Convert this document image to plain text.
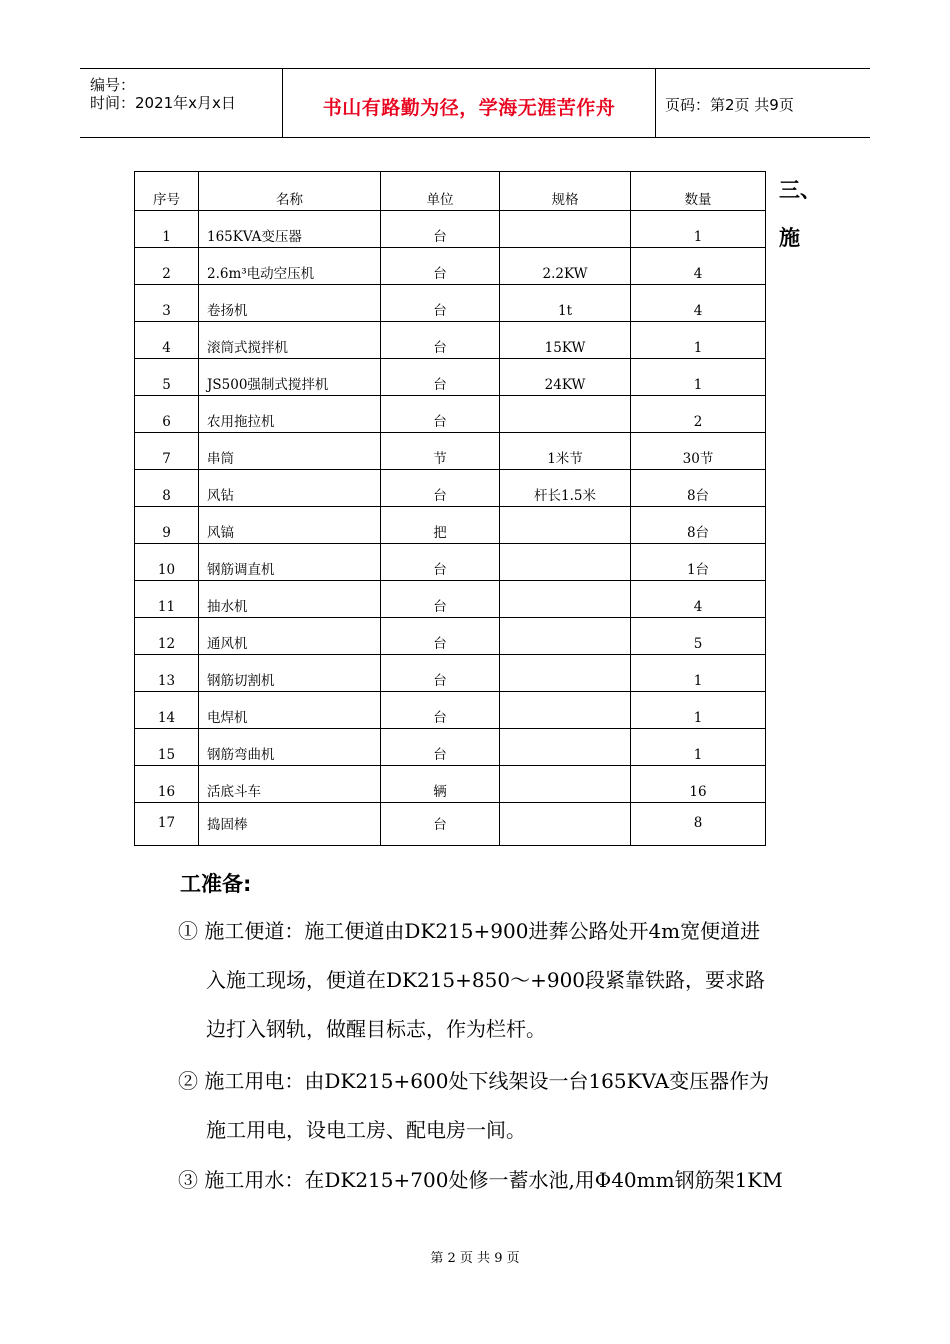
编号：
时间：2021年x月x日	书山有路勤为径，学海无涯苦作舟	页码：第2页 共9页
序号	名称	单位	规格	数量
1	165KVA变压器	台		1
2	2.6m³电动空压机	台	2.2KW	4
3	卷扬机	台	1t	4
4	滚筒式搅拌机	台	15KW	1
5	JS500强制式搅拌机	台	24KW	1
6	农用拖拉机	台		2
7	串筒	节	1米节	30节
8	风钻	台	杆长1.5米	8台
9	风镐	把		8台
10	钢筋调直机	台		1台
11	抽水机	台		4
12	通风机	台		5
13	钢筋切割机	台		1
14	电焊机	台		1
15	钢筋弯曲机	台		1
16	活底斗车	辆		16
17	捣固棒	台		8
三、
施
工准备:
① 施工便道：施工便道由DK215+900进葬公路处开4m宽便道进
入施工现场，便道在DK215+850～+900段紧靠铁路，要求路
边打入钢轨，做醒目标志，作为栏杆。
② 施工用电：由DK215+600处下线架设一台165KVA变压器作为
施工用电，设电工房、配电房一间。
③ 施工用水：在DK215+700处修一蓄水池,用Φ40mm钢筋架1KM
第 2 页 共 9 页
